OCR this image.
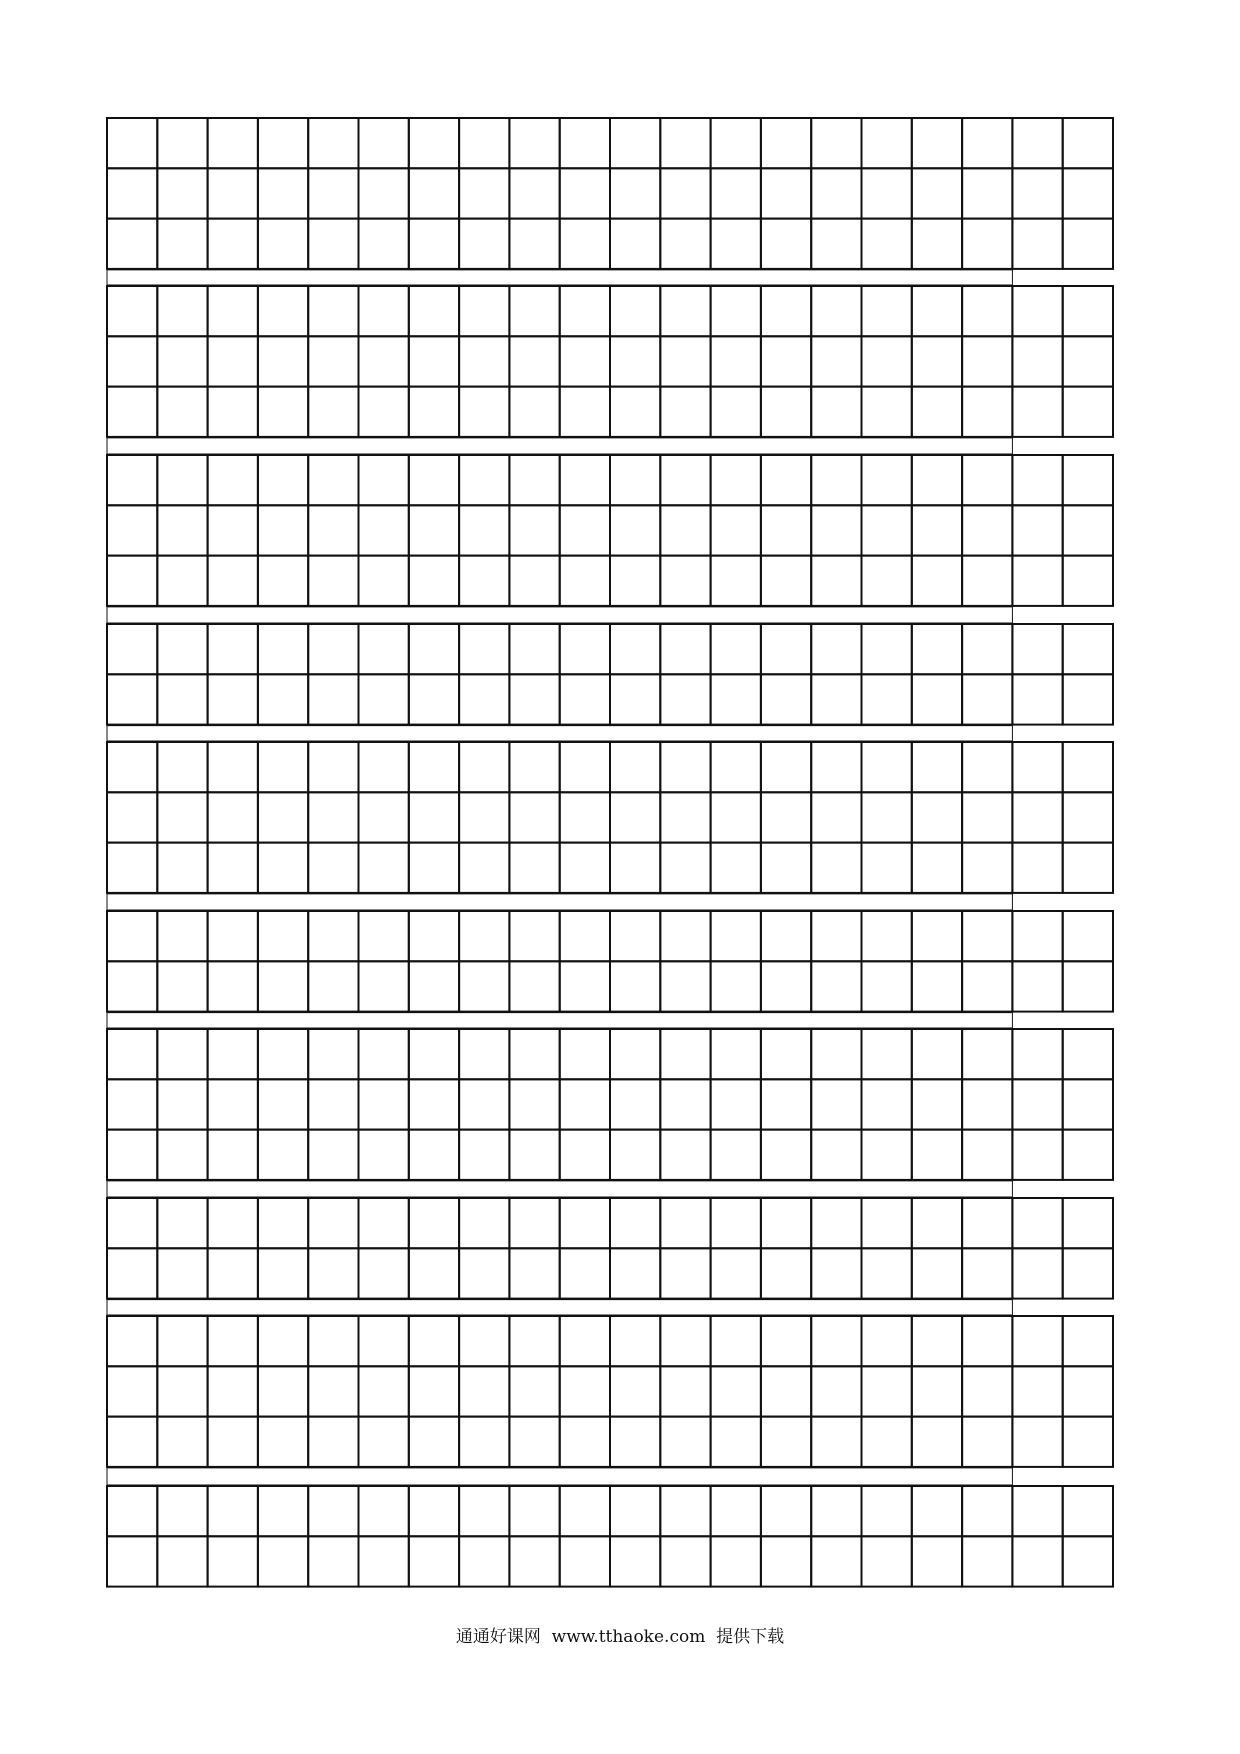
通通好课网 www.tthaoke.com 提供下载
